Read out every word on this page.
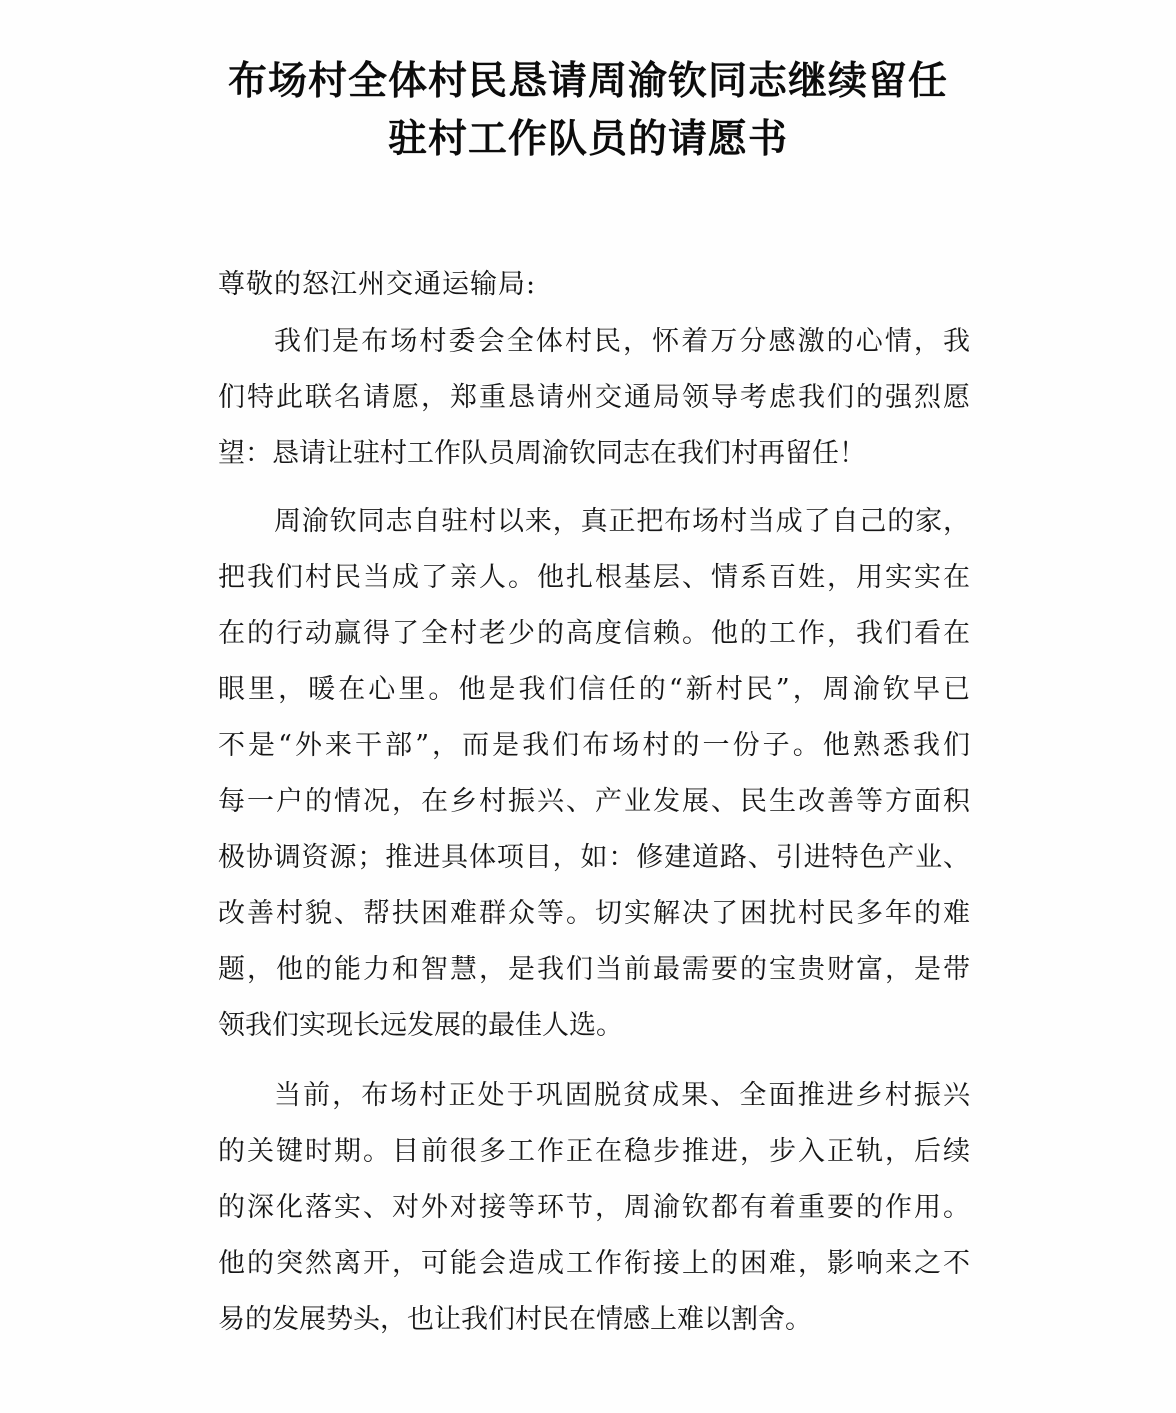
布场村全体村民恳请周渝钦同志继续留任
驻村工作队员的请愿书

尊敬的怒江州交通运输局:

我们是布场村委会全体村民，怀着万分感激的心情，我
们特此联名请愿，郑重恳请州交通局领导考虑我们的强烈愿
望：恳请让驻村工作队员周渝钦同志在我们村再留任！
周渝钦同志自驻村以来，真正把布场村当成了自己的家，
把我们村民当成了亲人。他扎根基层、情系百姓，用实实在
在的行动赢得了全村老少的高度信赖。他的工作，我们看在
眼里，暖在心里。他是我们信任的“新村民”，周渝钦早已
不是“外来干部”，而是我们布场村的一份子。他熟悉我们
每一户的情况，在乡村振兴、产业发展、民生改善等方面积
极协调资源；推进具体项目，如：修建道路、引进特色产业、
改善村貌、帮扶困难群众等。切实解决了困扰村民多年的难
题，他的能力和智慧，是我们当前最需要的宝贵财富，是带
领我们实现长远发展的最佳人选。
当前，布场村正处于巩固脱贫成果、全面推进乡村振兴
的关键时期。目前很多工作正在稳步推进，步入正轨，后续
的深化落实、对外对接等环节，周渝钦都有着重要的作用。
他的突然离开，可能会造成工作衔接上的困难，影响来之不
易的发展势头，也让我们村民在情感上难以割舍。
